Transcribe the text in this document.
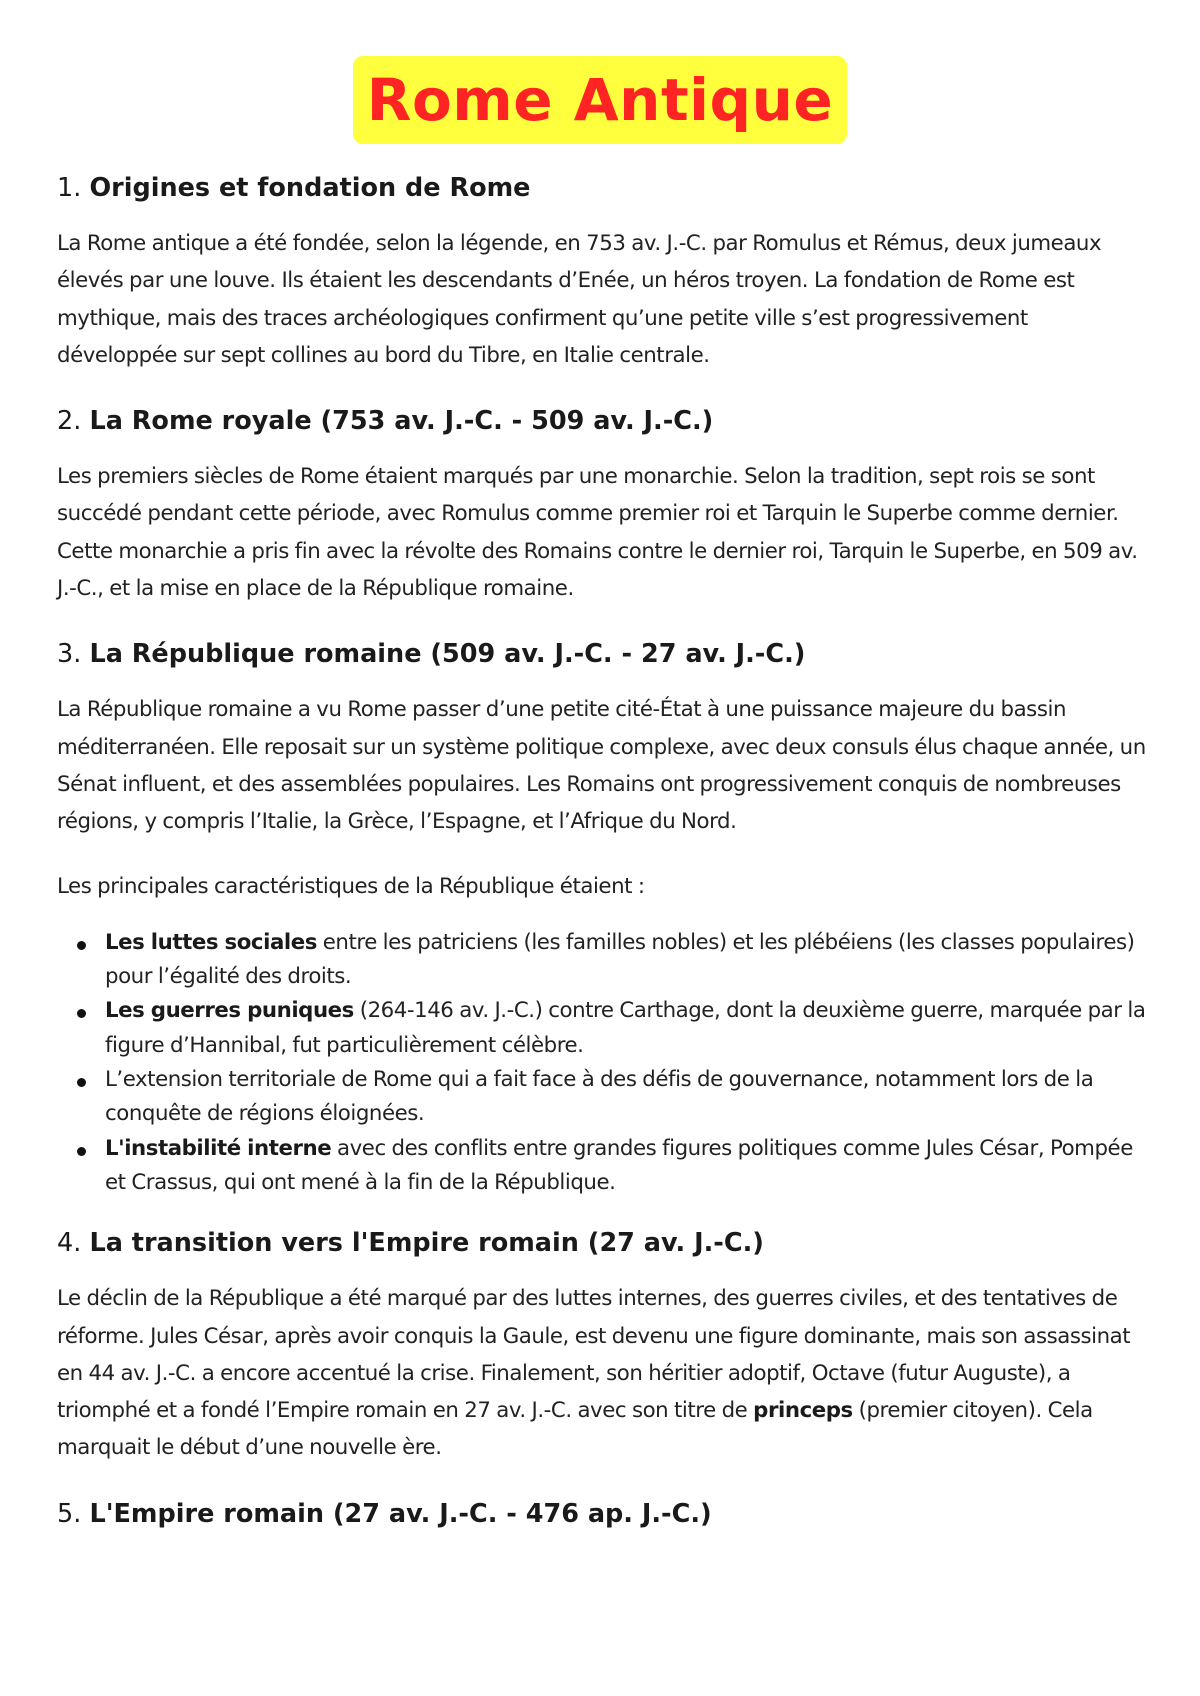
Rome Antique
1. Origines et fondation de Rome

La Rome antique a été fondée, selon la légende, en 753 av. J.-C. par Romulus et Rémus, deux jumeaux élevés par une louve. Ils étaient les descendants d’Enée, un héros troyen. La fondation de Rome est mythique, mais des traces archéologiques confirment qu’une petite ville s’est progressivement développée sur sept collines au bord du Tibre, en Italie centrale.

2. La Rome royale (753 av. J.-C. - 509 av. J.-C.)

Les premiers siècles de Rome étaient marqués par une monarchie. Selon la tradition, sept rois se sont succédé pendant cette période, avec Romulus comme premier roi et Tarquin le Superbe comme dernier. Cette monarchie a pris fin avec la révolte des Romains contre le dernier roi, Tarquin le Superbe, en 509 av. J.-C., et la mise en place de la République romaine.

3. La République romaine (509 av. J.-C. - 27 av. J.-C.)

La République romaine a vu Rome passer d’une petite cité-État à une puissance majeure du bassin méditerranéen. Elle reposait sur un système politique complexe, avec deux consuls élus chaque année, un Sénat influent, et des assemblées populaires. Les Romains ont progressivement conquis de nombreuses régions, y compris l’Italie, la Grèce, l’Espagne, et l’Afrique du Nord.

Les principales caractéristiques de la République étaient :

Les luttes sociales entre les patriciens (les familles nobles) et les plébéiens (les classes populaires) pour l’égalité des droits.
Les guerres puniques (264-146 av. J.-C.) contre Carthage, dont la deuxième guerre, marquée par la figure d’Hannibal, fut particulièrement célèbre.
L’extension territoriale de Rome qui a fait face à des défis de gouvernance, notamment lors de la conquête de régions éloignées.
L'instabilité interne avec des conflits entre grandes figures politiques comme Jules César, Pompée et Crassus, qui ont mené à la fin de la République.
4. La transition vers l'Empire romain (27 av. J.-C.)

Le déclin de la République a été marqué par des luttes internes, des guerres civiles, et des tentatives de réforme. Jules César, après avoir conquis la Gaule, est devenu une figure dominante, mais son assassinat en 44 av. J.-C. a encore accentué la crise. Finalement, son héritier adoptif, Octave (futur Auguste), a triomphé et a fondé l’Empire romain en 27 av. J.-C. avec son titre de princeps (premier citoyen). Cela marquait le début d’une nouvelle ère.

5. L'Empire romain (27 av. J.-C. - 476 ap. J.-C.)
